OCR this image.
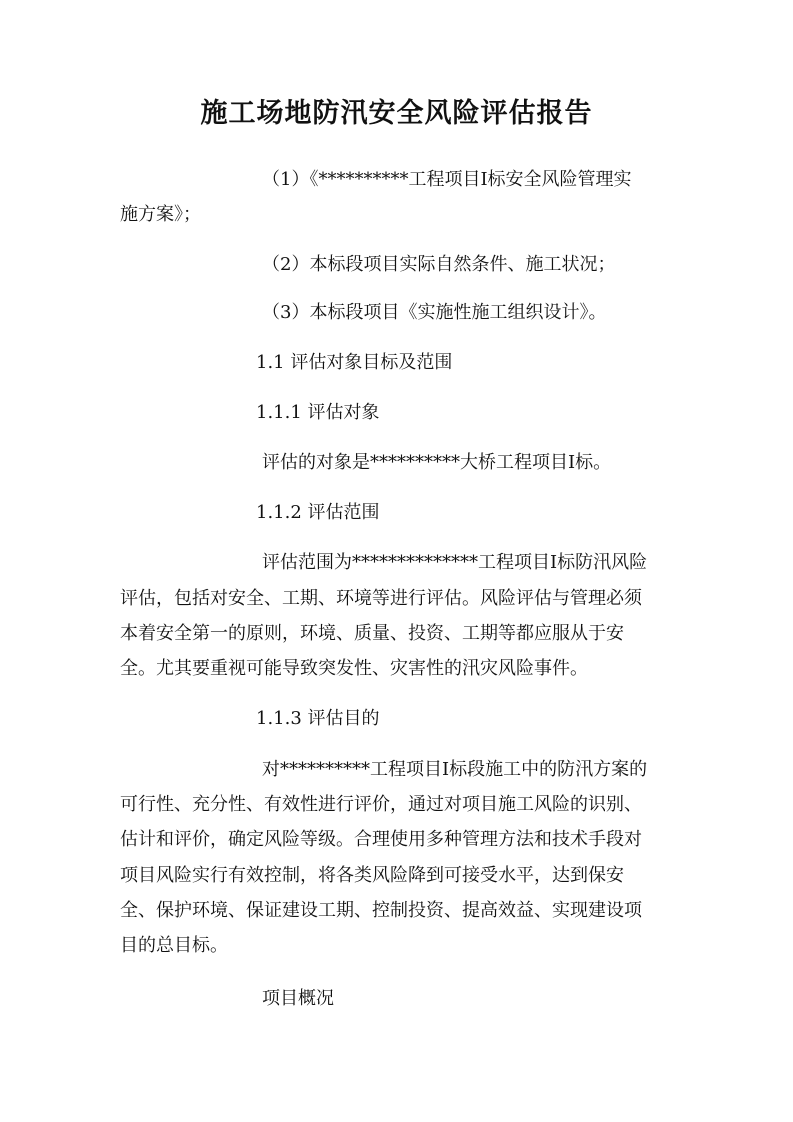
施工场地防汛安全风险评估报告

（1）《**********工程项目Ⅰ标安全风险管理实

施方案》；

（2）本标段项目实际自然条件、施工状况；

（3）本标段项目《实施性施工组织设计》。

1.1 评估对象目标及范围

1.1.1 评估对象

评估的对象是**********大桥工程项目Ⅰ标。

1.1.2 评估范围

评估范围为**************工程项目Ⅰ标防汛风险

评估，包括对安全、工期、环境等进行评估。风险评估与管理必须

本着安全第一的原则，环境、质量、投资、工期等都应服从于安

全。尤其要重视可能导致突发性、灾害性的汛灾风险事件。

1.1.3 评估目的

对**********工程项目Ⅰ标段施工中的防汛方案的

可行性、充分性、有效性进行评价，通过对项目施工风险的识别、

估计和评价，确定风险等级。合理使用多种管理方法和技术手段对

项目风险实行有效控制，将各类风险降到可接受水平，达到保安

全、保护环境、保证建设工期、控制投资、提高效益、实现建设项

目的总目标。

项目概况
